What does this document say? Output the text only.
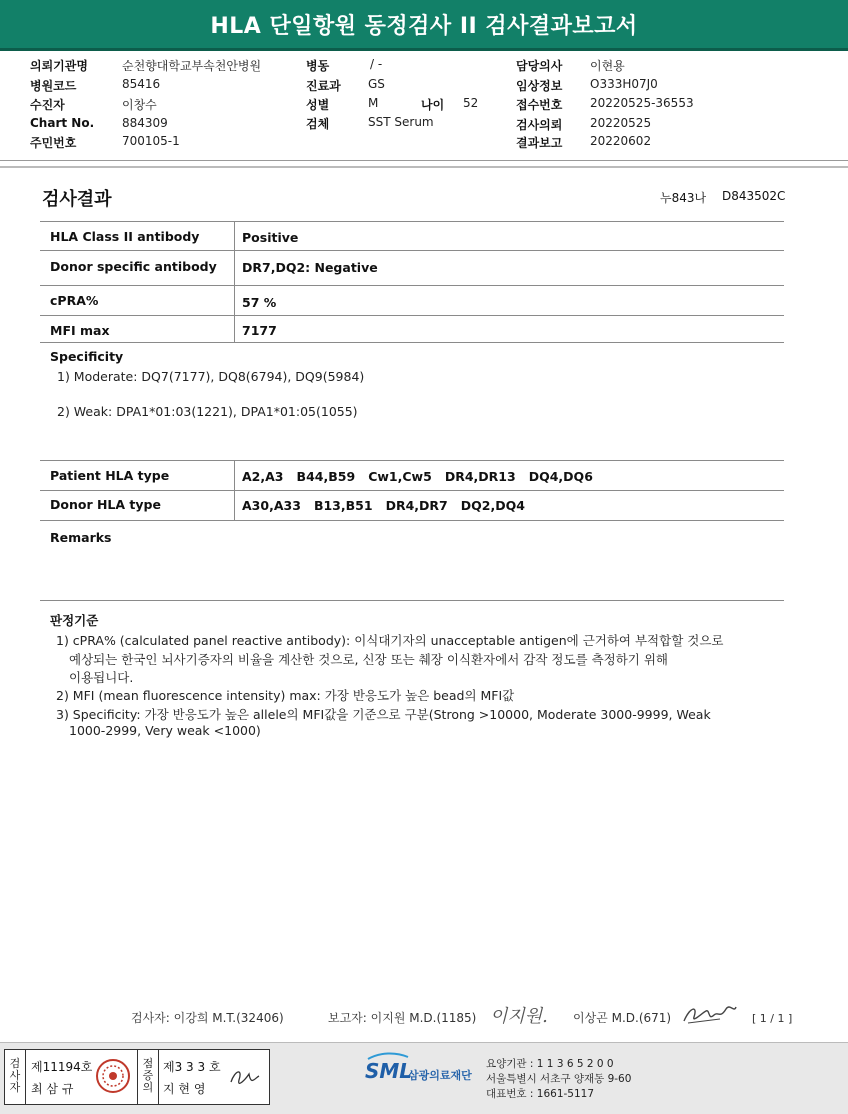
HLA 단일항원 동정검사 II 검사결과보고서
의뢰기관명	순천향대학교부속천안병원
병원코드	85416
수진자	이창수
Chart No. 884309
주민번호	700105-1
병동	/ -
진료과 GS
성별	M	나이 52
검체	SST Serum
담당의사 이현용
임상정보 O333H07J0
접수번호 20220525-36553
검사의뢰 20220525
결과보고 20220602
검사결과	누843나 D843502C
HLA Class II antibody	Positive
Donor specific antibody DR7,DQ2: Negative
cPRA%	57 %
MFI max	7177
Specificity
1) Moderate: DQ7(7177), DQ8(6794), DQ9(5984)
2) Weak: DPA1*01:03(1221), DPA1*01:05(1055)
Patient HLA type	A2,A3   B44,B59   Cw1,Cw5   DR4,DR13   DQ4,DQ6
Donor HLA type	A30,A33   B13,B51   DR4,DR7   DQ2,DQ4
Remarks
판정기준
1) cPRA% (calculated panel reactive antibody): 이식대기자의 unacceptable antigen에 근거하여 부적합할 것으로
예상되는 한국인 뇌사기증자의 비율을 계산한 것으로, 신장 또는 췌장 이식환자에서 감작 정도를 측정하기 위해
이용됩니다.
2) MFI (mean fluorescence intensity) max: 가장 반응도가 높은 bead의 MFI값
3) Specificity: 가장 반응도가 높은 allele의 MFI값을 기준으로 구분(Strong >10000, Moderate 3000-9999, Weak
1000-2999, Very weak <1000)
검사자: 이강희 M.T.(32406)	보고자: 이지원 M.D.(1185) 이지원. 이상곤 M.D.(671)	[ 1 / 1 ]
검사자
제11194호
최 삼 규
점증의
제3 3 3 호
지 현 영
SML
삼광의료재단
요양기관 : 1 1 3 6 5 2 0 0
서울특별시 서초구 양재동 9-60
대표번호 : 1661-5117
